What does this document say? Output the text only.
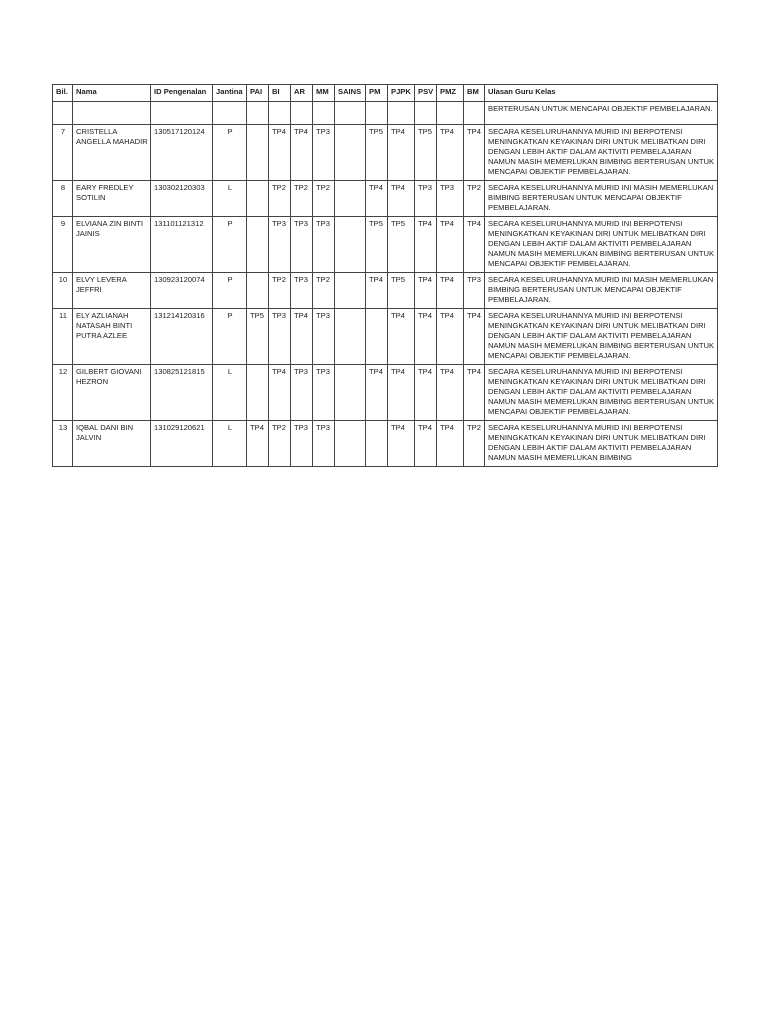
Bil.	Nama	ID Pengenalan	Jantina	PAI	BI	AR	MM	SAINS	PM	PJPK	PSV	PMZ	BM	Ulasan Guru Kelas
														BERTERUSAN UNTUK MENCAPAI OBJEKTIF PEMBELAJARAN.
7	CRISTELLA ANGELLA MAHADIR	130517120124	P		TP4	TP4	TP3		TP5	TP4	TP5	TP4	TP4	SECARA KESELURUHANNYA MURID INI BERPOTENSI MENINGKATKAN KEYAKINAN DIRI UNTUK MELIBATKAN DIRI DENGAN LEBIH AKTIF DALAM AKTIVITI PEMBELAJARAN NAMUN MASIH MEMERLUKAN BIMBING BERTERUSAN UNTUK MENCAPAI OBJEKTIF PEMBELAJARAN.
8	EARY FREDLEY SOTILIN	130302120303	L		TP2	TP2	TP2		TP4	TP4	TP3	TP3	TP2	SECARA KESELURUHANNYA MURID INI MASIH MEMERLUKAN BIMBING BERTERUSAN UNTUK MENCAPAI OBJEKTIF PEMBELAJARAN.
9	ELVIANA ZIN BINTI JAINIS	131101121312	P		TP3	TP3	TP3		TP5	TP5	TP4	TP4	TP4	SECARA KESELURUHANNYA MURID INI BERPOTENSI MENINGKATKAN KEYAKINAN DIRI UNTUK MELIBATKAN DIRI DENGAN LEBIH AKTIF DALAM AKTIVITI PEMBELAJARAN NAMUN MASIH MEMERLUKAN BIMBING BERTERUSAN UNTUK MENCAPAI OBJEKTIF PEMBELAJARAN.
10	ELVY LEVERA JEFFRI	130923120074	P		TP2	TP3	TP2		TP4	TP5	TP4	TP4	TP3	SECARA KESELURUHANNYA MURID INI MASIH MEMERLUKAN BIMBING BERTERUSAN UNTUK MENCAPAI OBJEKTIF PEMBELAJARAN.
11	ELY AZLIANAH NATASAH BINTI PUTRA AZLEE	131214120316	P	TP5	TP3	TP4	TP3			TP4	TP4	TP4	TP4	SECARA KESELURUHANNYA MURID INI BERPOTENSI MENINGKATKAN KEYAKINAN DIRI UNTUK MELIBATKAN DIRI DENGAN LEBIH AKTIF DALAM AKTIVITI PEMBELAJARAN NAMUN MASIH MEMERLUKAN BIMBING BERTERUSAN UNTUK MENCAPAI OBJEKTIF PEMBELAJARAN.
12	GILBERT GIOVANI HEZRON	130825121815	L		TP4	TP3	TP3		TP4	TP4	TP4	TP4	TP4	SECARA KESELURUHANNYA MURID INI BERPOTENSI MENINGKATKAN KEYAKINAN DIRI UNTUK MELIBATKAN DIRI DENGAN LEBIH AKTIF DALAM AKTIVITI PEMBELAJARAN NAMUN MASIH MEMERLUKAN BIMBING BERTERUSAN UNTUK MENCAPAI OBJEKTIF PEMBELAJARAN.
13	IQBAL DANI BIN JALVIN	131029120621	L	TP4	TP2	TP3	TP3			TP4	TP4	TP4	TP2	SECARA KESELURUHANNYA MURID INI BERPOTENSI MENINGKATKAN KEYAKINAN DIRI UNTUK MELIBATKAN DIRI DENGAN LEBIH AKTIF DALAM AKTIVITI PEMBELAJARAN NAMUN MASIH MEMERLUKAN BIMBING
